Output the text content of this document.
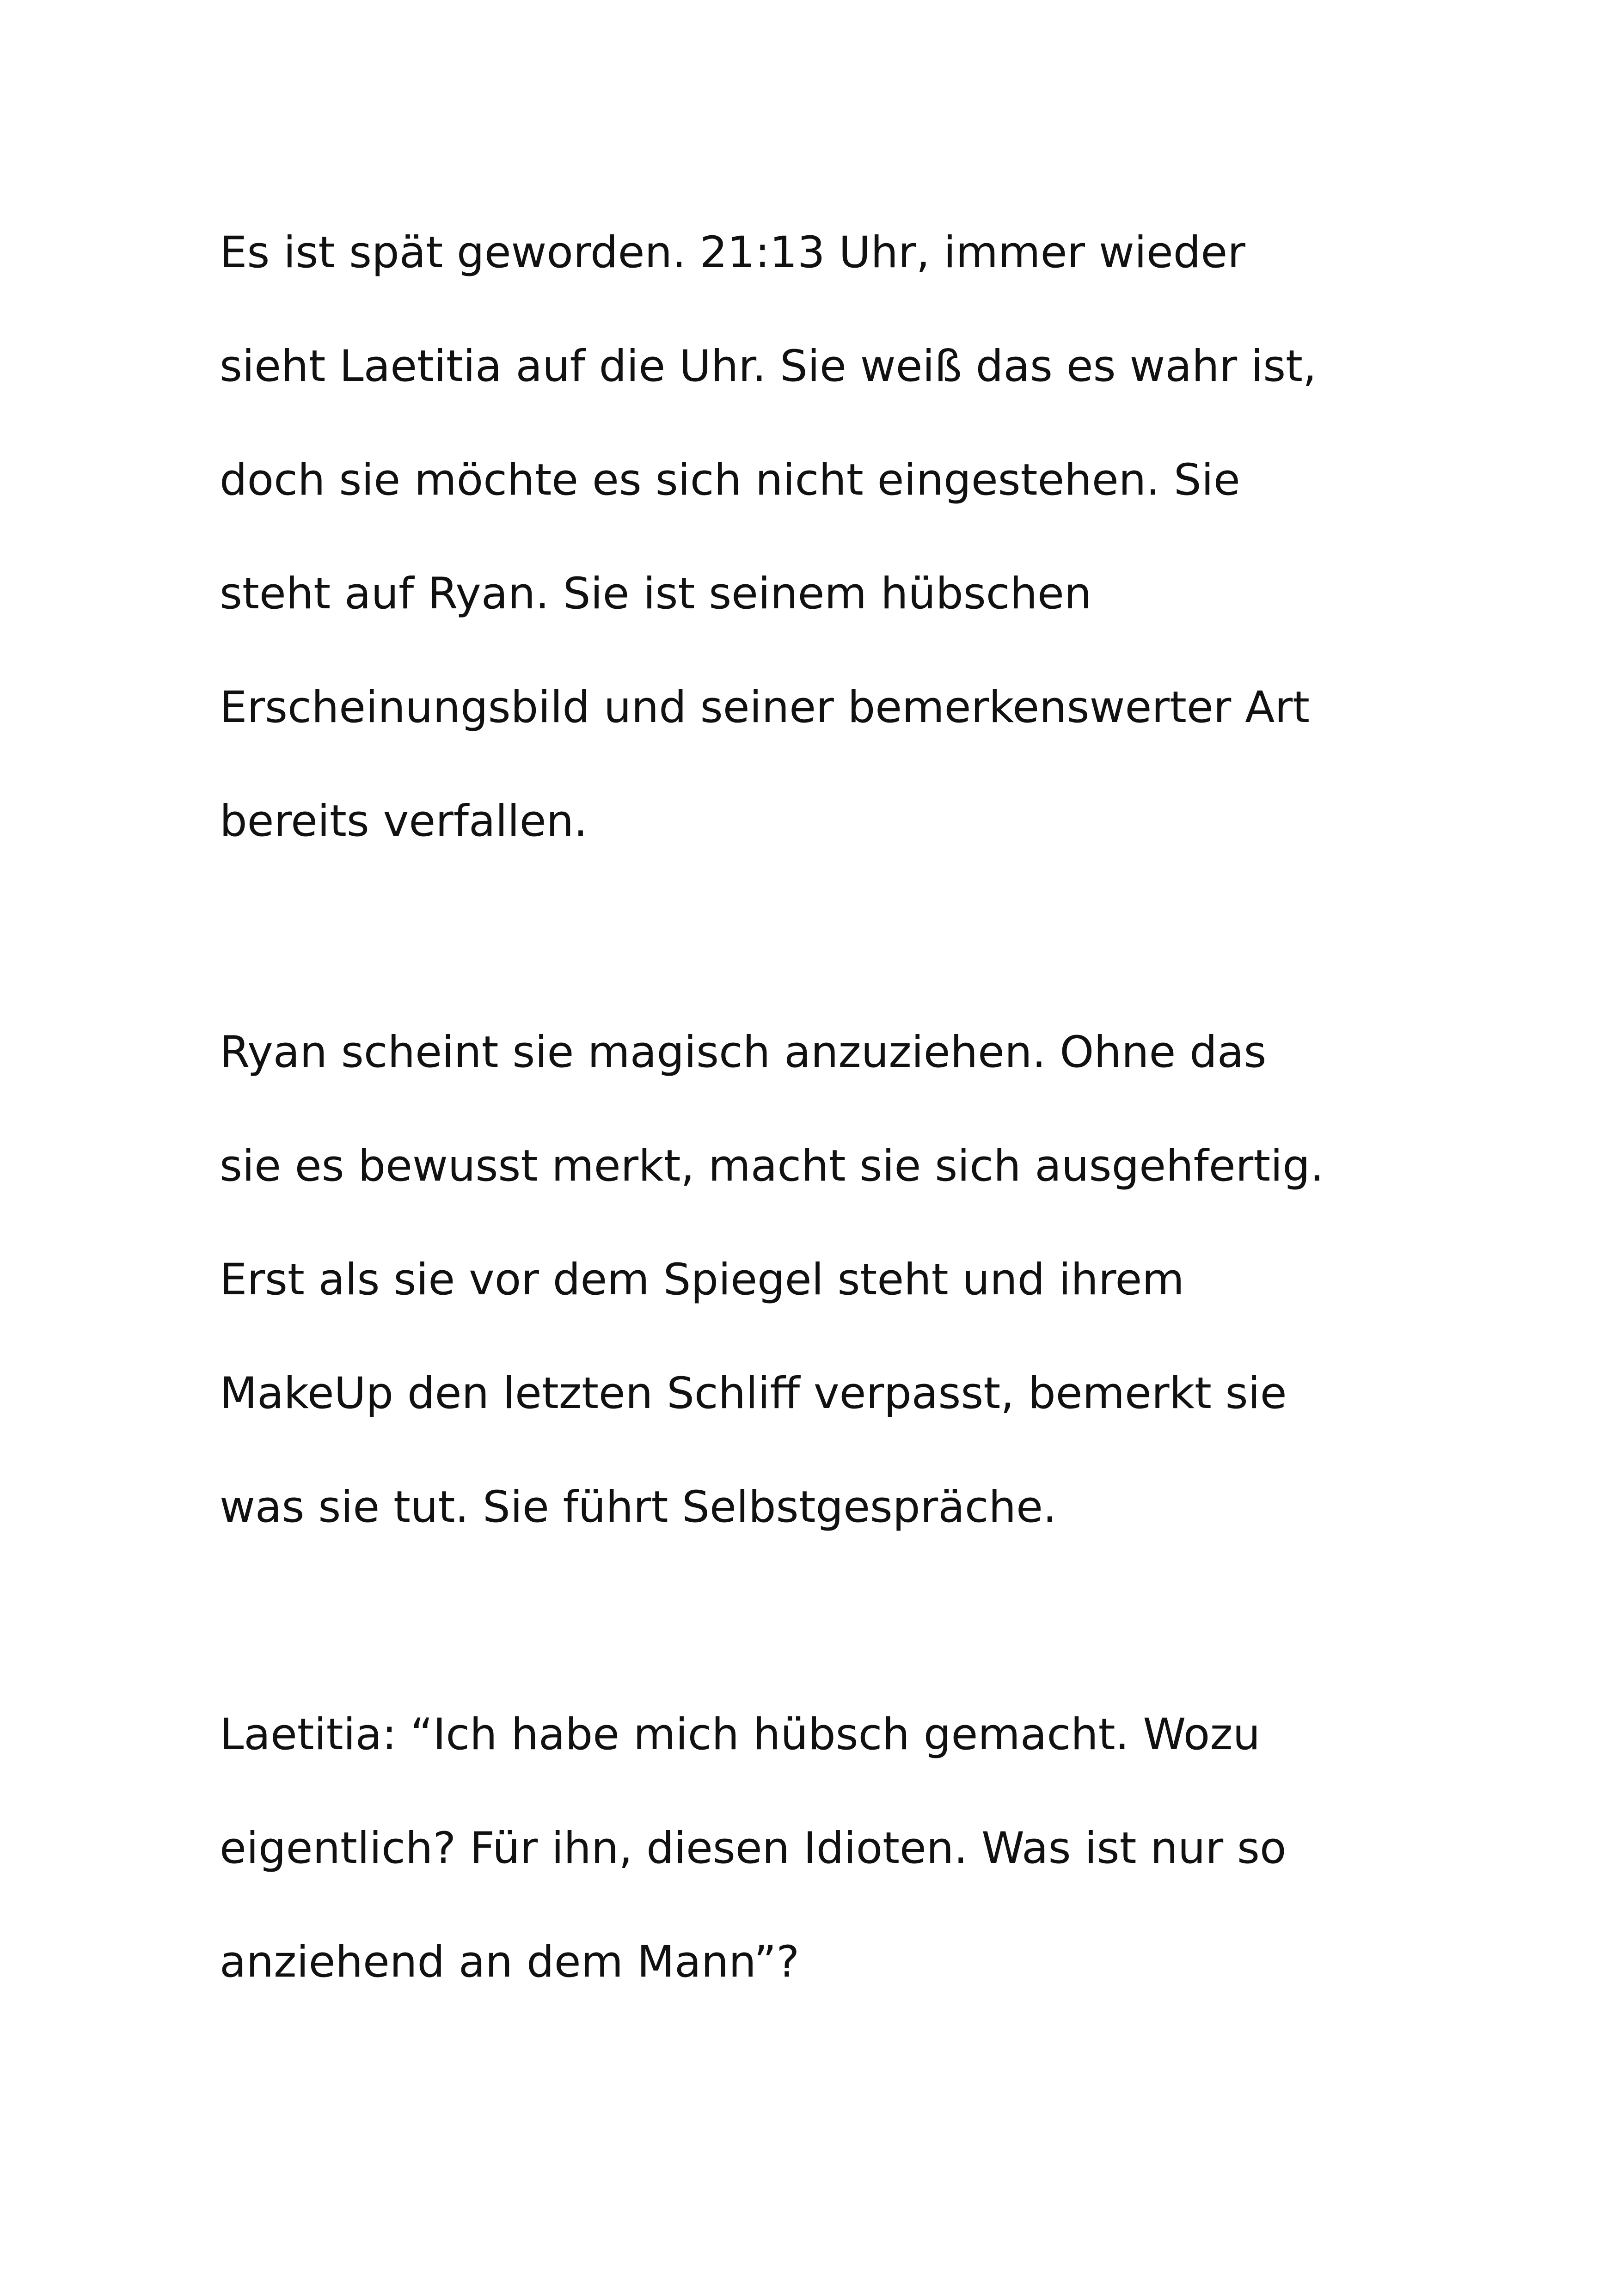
Es ist spät geworden. 21:13 Uhr, immer wieder
sieht Laetitia auf die Uhr. Sie weiß das es wahr ist,
doch sie möchte es sich nicht eingestehen. Sie
steht auf Ryan. Sie ist seinem hübschen
Erscheinungsbild und seiner bemerkenswerter Art
bereits verfallen.
Ryan scheint sie magisch anzuziehen. Ohne das
sie es bewusst merkt, macht sie sich ausgehfertig.
Erst als sie vor dem Spiegel steht und ihrem
MakeUp den letzten Schliff verpasst, bemerkt sie
was sie tut. Sie führt Selbstgespräche.
Laetitia: “Ich habe mich hübsch gemacht. Wozu
eigentlich? Für ihn, diesen Idioten. Was ist nur so
anziehend an dem Mann”?
